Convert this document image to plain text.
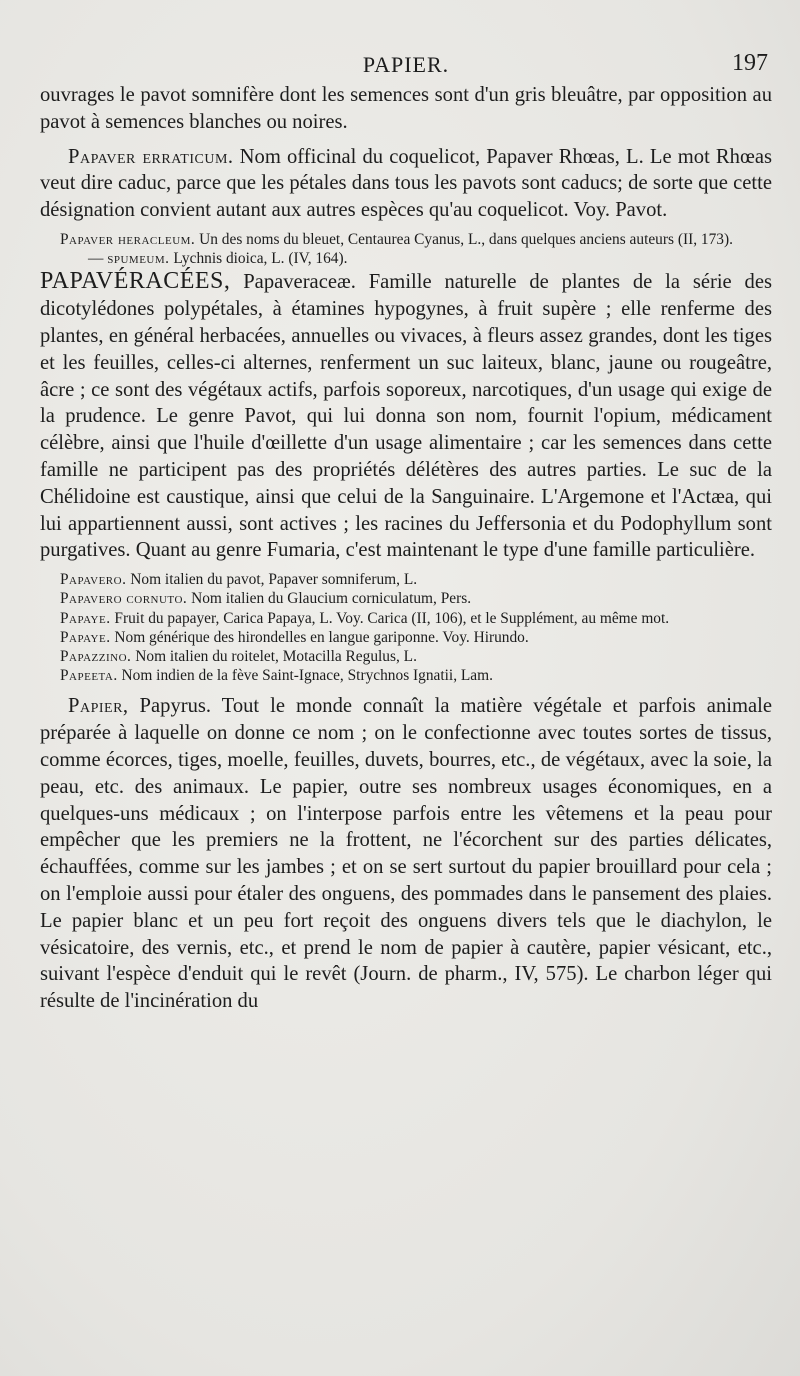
PAPIER.	197

ouvrages le pavot somnifère dont les semences sont d'un gris bleuâtre, par opposition au pavot à semences blanches ou noires.

Papaver erraticum. Nom officinal du coquelicot, Papaver Rhœas, L. Le mot Rhœas veut dire caduc, parce que les pétales dans tous les pavots sont caducs; de sorte que cette désignation convient autant aux autres espèces qu'au coquelicot. Voy. Pavot.

Papaver heracleum. Un des noms du bleuet, Centaurea Cyanus, L., dans quelques anciens auteurs (II, 173).

— spumeum. Lychnis dioica, L. (IV, 164).

PAPAVÉRACÉES, Papaveraceæ. Famille naturelle de plantes de la série des dicotylédones polypétales, à étamines hypogynes, à fruit supère ; elle renferme des plantes, en général herbacées, annuelles ou vivaces, à fleurs assez grandes, dont les tiges et les feuilles, celles-ci alternes, renferment un suc laiteux, blanc, jaune ou rougeâtre, âcre ; ce sont des végétaux actifs, parfois soporeux, narcotiques, d'un usage qui exige de la prudence. Le genre Pavot, qui lui donna son nom, fournit l'opium, médicament célèbre, ainsi que l'huile d'œillette d'un usage alimentaire ; car les semences dans cette famille ne participent pas des propriétés délétères des autres parties. Le suc de la Chélidoine est caustique, ainsi que celui de la Sanguinaire. L'Argemone et l'Actæa, qui lui appartiennent aussi, sont actives ; les racines du Jeffersonia et du Podophyllum sont purgatives. Quant au genre Fumaria, c'est maintenant le type d'une famille particulière.

Papavero. Nom italien du pavot, Papaver somniferum, L.

Papavero cornuto. Nom italien du Glaucium corniculatum, Pers.

Papaye. Fruit du papayer, Carica Papaya, L. Voy. Carica (II, 106), et le Supplément, au même mot.

Papaye. Nom générique des hirondelles en langue gariponne. Voy. Hirundo.

Papazzino. Nom italien du roitelet, Motacilla Regulus, L.

Papeeta. Nom indien de la fève Saint-Ignace, Strychnos Ignatii, Lam.

Papier, Papyrus. Tout le monde connaît la matière végétale et parfois animale préparée à laquelle on donne ce nom ; on le confectionne avec toutes sortes de tissus, comme écorces, tiges, moelle, feuilles, duvets, bourres, etc., de végétaux, avec la soie, la peau, etc. des animaux. Le papier, outre ses nombreux usages économiques, en a quelques-uns médicaux ; on l'interpose parfois entre les vêtemens et la peau pour empêcher que les premiers ne la frottent, ne l'écorchent sur des parties délicates, échauffées, comme sur les jambes ; et on se sert surtout du papier brouillard pour cela ; on l'emploie aussi pour étaler des onguens, des pommades dans le pansement des plaies. Le papier blanc et un peu fort reçoit des onguens divers tels que le diachylon, le vésicatoire, des vernis, etc., et prend le nom de papier à cautère, papier vésicant, etc., suivant l'espèce d'enduit qui le revêt (Journ. de pharm., IV, 575). Le charbon léger qui résulte de l'incinération du
